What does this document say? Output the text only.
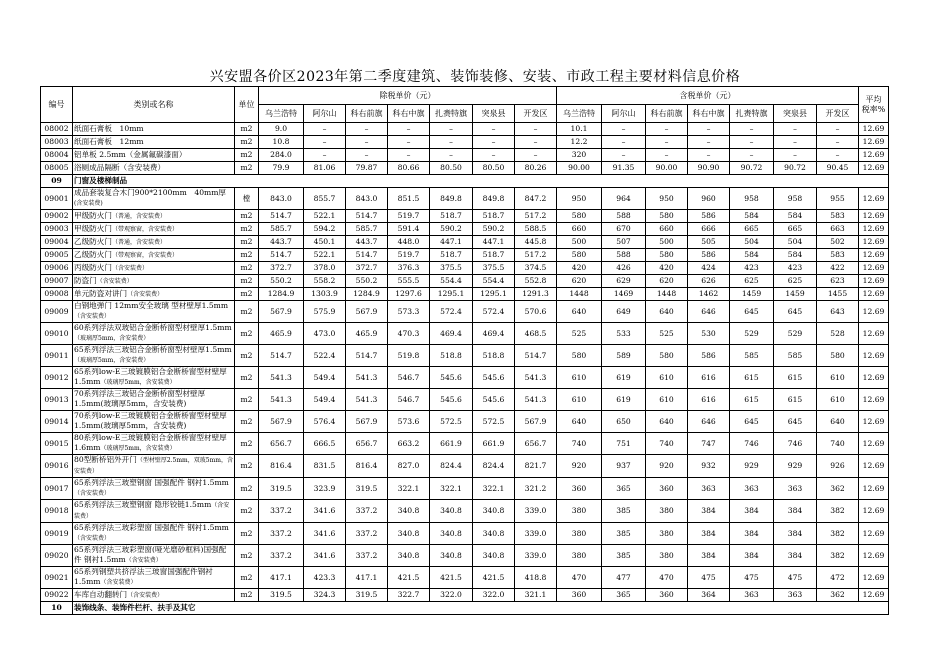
兴安盟各价区2023年第二季度建筑、装饰装修、安装、市政工程主要材料信息价格
编号	类别或名称	单位	除税单价（元）							含税单价（元）							平均
税率%
			乌兰浩特	阿尔山	科右前旗	科右中旗	扎赉特旗	突泉县	开发区	乌兰浩特	阿尔山	科右前旗	科右中旗	扎赉特旗	突泉县	开发区	
08002	纸面石膏板　10mm	m2	9.0	–	–	–	–	–	–	10.1	–	–	–	–	–	–	12.69
08003	纸面石膏板　12mm	m2	10.8	–	–	–	–	–	–	12.2	–	–	–	–	–	–	12.69
08004	铝单板 2.5mm（金属氟碳漆面）	m2	284.0	–	–	–	–	–	–	320	–	–	–	–	–	–	12.69
08005	浴厕成品隔断（含安装费）	m2	79.9	81.06	79.87	80.66	80.50	80.50	80.26	90.00	91.35	90.00	90.90	90.72	90.72	90.45	12.69
09	门窗及楼梯制品																
09001	成品套装复合木门900*2100mm　40mm厚(含安装费)	樘	843.0	855.7	843.0	851.5	849.8	849.8	847.2	950	964	950	960	958	958	955	12.69
09002	甲级防火门（普通，含安装费）	m2	514.7	522.1	514.7	519.7	518.7	518.7	517.2	580	588	580	586	584	584	583	12.69
09003	甲级防火门（带观察窗，含安装费）	m2	585.7	594.2	585.7	591.4	590.2	590.2	588.5	660	670	660	666	665	665	663	12.69
09004	乙级防火门（普通，含安装费）	m2	443.7	450.1	443.7	448.0	447.1	447.1	445.8	500	507	500	505	504	504	502	12.69
09005	乙级防火门（带观察窗，含安装费）	m2	514.7	522.1	514.7	519.7	518.7	518.7	517.2	580	588	580	586	584	584	583	12.69
09006	丙级防火门（含安装费）	m2	372.7	378.0	372.7	376.3	375.5	375.5	374.5	420	426	420	424	423	423	422	12.69
09007	防盗门（含安装费）	m2	550.2	558.2	550.2	555.5	554.4	554.4	552.8	620	629	620	626	625	625	623	12.69
09008	单元防盗对讲门（含安装费）	m2	1284.9	1303.9	1284.9	1297.6	1295.1	1295.1	1291.3	1448	1469	1448	1462	1459	1459	1455	12.69
09009	白钢地弹门 12mm安全玻璃 型材壁厚1.5mm（含安装费）	m2	567.9	575.9	567.9	573.3	572.4	572.4	570.6	640	649	640	646	645	645	643	12.69
09010	60系列浮法双玻铝合金断桥窗型材壁厚1.5mm（玻璃厚5mm，含安装费）	m2	465.9	473.0	465.9	470.3	469.4	469.4	468.5	525	533	525	530	529	529	528	12.69
09011	65系列浮法三玻铝合金断桥窗型材壁厚1.5mm（玻璃厚5mm，含安装费）	m2	514.7	522.4	514.7	519.8	518.8	518.8	514.7	580	589	580	586	585	585	580	12.69
09012	65系列low-E三玻镀膜铝合金断桥窗型材壁厚1.5mm（玻璃厚5mm，含安装费）	m2	541.3	549.4	541.3	546.7	545.6	545.6	541.3	610	619	610	616	615	615	610	12.69
09013	70系列浮法三玻铝合金断桥窗型材壁厚1.5mm(玻璃厚5mm，含安装费)	m2	541.3	549.4	541.3	546.7	545.6	545.6	541.3	610	619	610	616	615	615	610	12.69
09014	70系列low-E三玻镀膜铝合金断桥窗型材壁厚1.5mm(玻璃厚5mm，含安装费)	m2	567.9	576.4	567.9	573.6	572.5	572.5	567.9	640	650	640	646	645	645	640	12.69
09015	80系列low-E三玻镀膜铝合金断桥窗型材壁厚1.6mm（玻璃厚5mm，含安装费）	m2	656.7	666.5	656.7	663.2	661.9	661.9	656.7	740	751	740	747	746	746	740	12.69
09016	80型断桥铝外开门（型材壁厚2.5mm，双玻5mm，含安装费）	m2	816.4	831.5	816.4	827.0	824.4	824.4	821.7	920	937	920	932	929	929	926	12.69
09017	65系列浮法三玻塑钢窗 国强配件 钢衬1.5mm（含安装费）	m2	319.5	323.9	319.5	322.1	322.1	322.1	321.2	360	365	360	363	363	363	362	12.69
09018	65系列浮法三玻塑钢窗 隐形铰链1.5mm（含安装费）	m2	337.2	341.6	337.2	340.8	340.8	340.8	339.0	380	385	380	384	384	384	382	12.69
09019	65系列浮法三玻彩塑窗 国强配件 钢衬1.5mm（含安装费）	m2	337.2	341.6	337.2	340.8	340.8	340.8	339.0	380	385	380	384	384	384	382	12.69
09020	65系列浮法三玻彩塑窗(哑光磨砂框料)国强配件 钢衬1.5mm（含安装费）	m2	337.2	341.6	337.2	340.8	340.8	340.8	339.0	380	385	380	384	384	384	382	12.69
09021	65系列钢塑共挤浮法三玻窗国强配件钢衬1.5mm（含安装费）	m2	417.1	423.3	417.1	421.5	421.5	421.5	418.8	470	477	470	475	475	475	472	12.69
09022	车库自动翻转门（含安装费）	m2	319.5	324.3	319.5	322.7	322.0	322.0	321.1	360	365	360	364	363	363	362	12.69
10	装饰线条、装饰件栏杆、扶手及其它																
